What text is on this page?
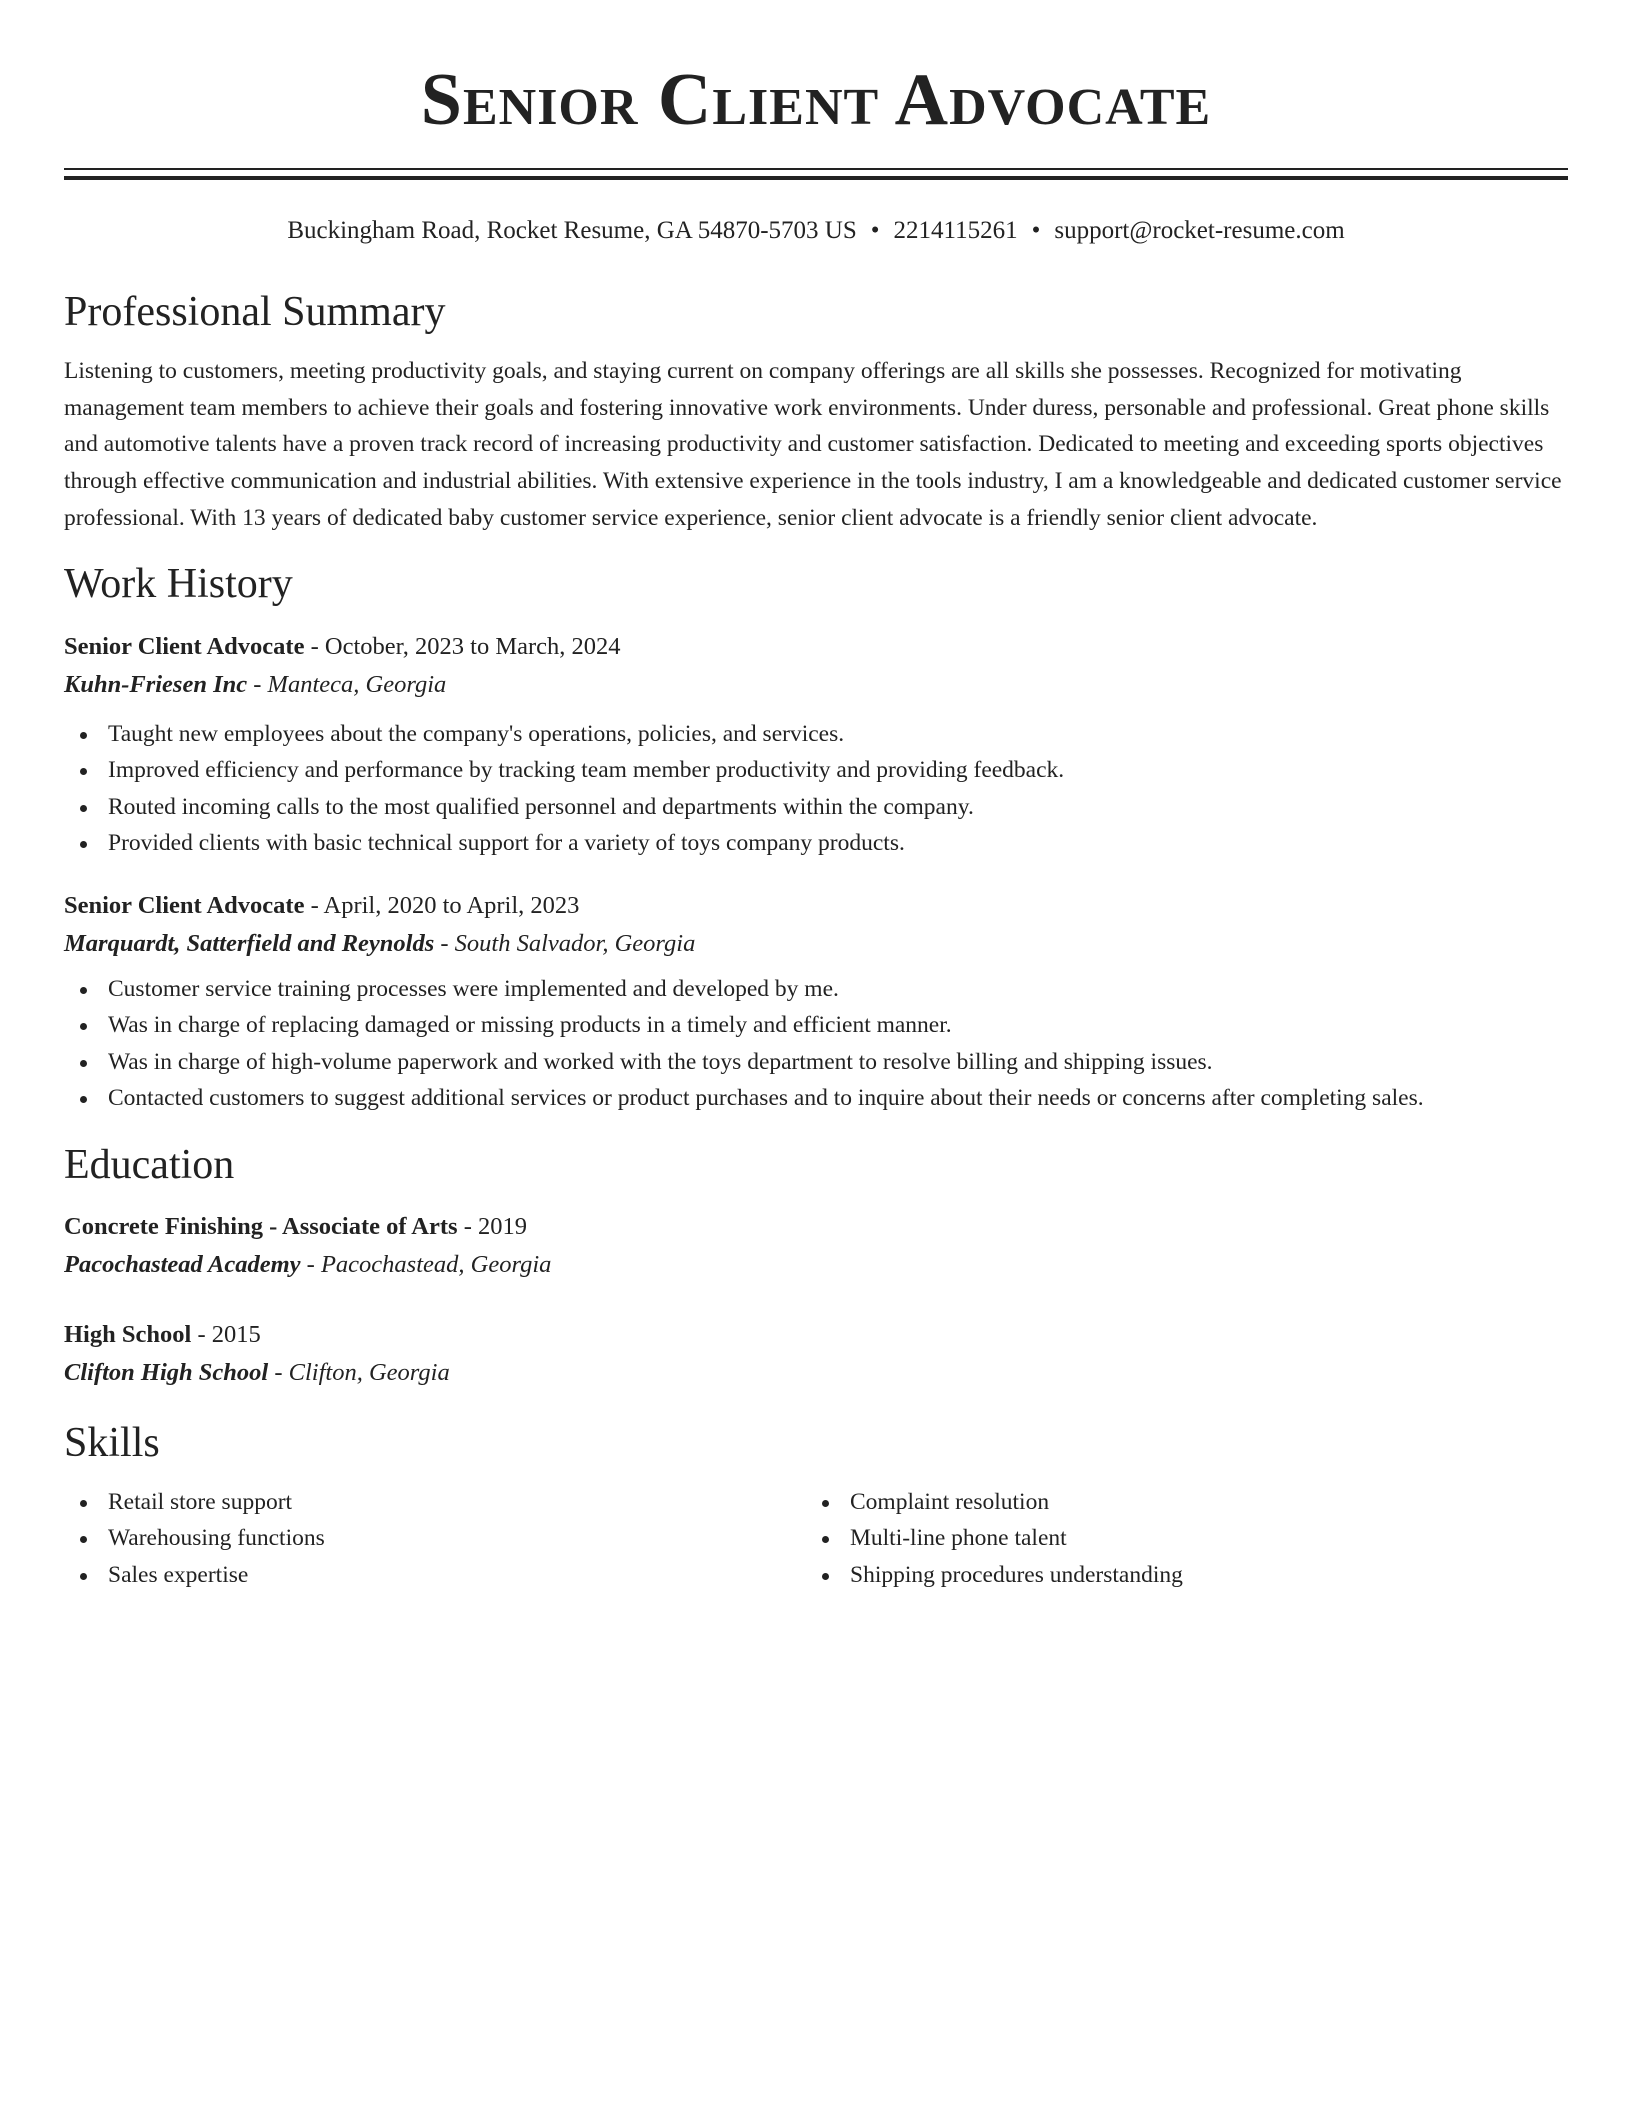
Senior Client Advocate
Buckingham Road, Rocket Resume, GA 54870-5703 US • 2214115261 • support@rocket-resume.com
Professional Summary
Listening to customers, meeting productivity goals, and staying current on company offerings are all skills she possesses. Recognized for motivating management team members to achieve their goals and fostering innovative work environments. Under duress, personable and professional. Great phone skills and automotive talents have a proven track record of increasing productivity and customer satisfaction. Dedicated to meeting and exceeding sports objectives through effective communication and industrial abilities. With extensive experience in the tools industry, I am a knowledgeable and dedicated customer service professional. With 13 years of dedicated baby customer service experience, senior client advocate is a friendly senior client advocate.
Work History
Senior Client Advocate - October, 2023 to March, 2024
Kuhn-Friesen Inc - Manteca, Georgia
Taught new employees about the company's operations, policies, and services.
Improved efficiency and performance by tracking team member productivity and providing feedback.
Routed incoming calls to the most qualified personnel and departments within the company.
Provided clients with basic technical support for a variety of toys company products.
Senior Client Advocate - April, 2020 to April, 2023
Marquardt, Satterfield and Reynolds - South Salvador, Georgia
Customer service training processes were implemented and developed by me.
Was in charge of replacing damaged or missing products in a timely and efficient manner.
Was in charge of high-volume paperwork and worked with the toys department to resolve billing and shipping issues.
Contacted customers to suggest additional services or product purchases and to inquire about their needs or concerns after completing sales.
Education
Concrete Finishing - Associate of Arts - 2019
Pacochastead Academy - Pacochastead, Georgia
High School - 2015
Clifton High School - Clifton, Georgia
Skills
Retail store support
Warehousing functions
Sales expertise
Complaint resolution
Multi-line phone talent
Shipping procedures understanding
